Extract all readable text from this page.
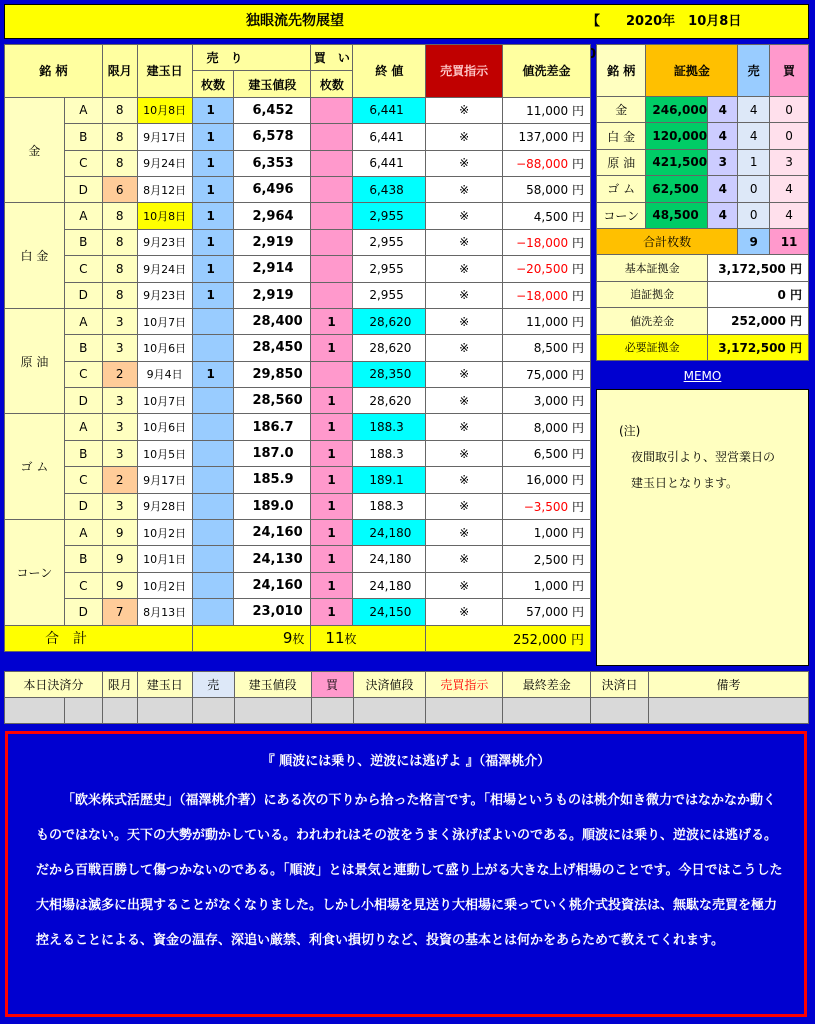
独眼流先物展望	【　　2020年　10月8日　　
銘 柄		限月	建玉日	売　り		買　い	終 値	売買指示	値洗差金
				枚数	建玉値段	枚数			
金	A	8	10月8日	1	6,452		6,441	※	11,000 円
	B	8	9月17日	1	6,578		6,441	※	137,000 円
	C	8	9月24日	1	6,353		6,441	※	−88,000 円
	D	6	8月12日	1	6,496		6,438	※	58,000 円
白 金	A	8	10月8日	1	2,964		2,955	※	4,500 円
	B	8	9月23日	1	2,919		2,955	※	−18,000 円
	C	8	9月24日	1	2,914		2,955	※	−20,500 円
	D	8	9月23日	1	2,919		2,955	※	−18,000 円
原 油	A	3	10月7日		28,400	1	28,620	※	11,000 円
	B	3	10月6日		28,450	1	28,620	※	8,500 円
	C	2	9月4日	1	29,850		28,350	※	75,000 円
	D	3	10月7日		28,560	1	28,620	※	3,000 円
ゴ ム	A	3	10月6日		186.7	1	188.3	※	8,000 円
	B	3	10月5日		187.0	1	188.3	※	6,500 円
	C	2	9月17日		185.9	1	189.1	※	16,000 円
	D	3	9月28日		189.0	1	188.3	※	−3,500 円
コーン	A	9	10月2日		24,160	1	24,180	※	1,000 円
	B	9	10月1日		24,130	1	24,180	※	2,500 円
	C	9	10月2日		24,160	1	24,180	※	1,000 円
	D	7	8月13日		23,010	1	24,150	※	57,000 円
合　計				9枚		11枚		252,000 円	
銘 柄	証拠金		売	買
金	246,000	4	4	0
白 金	120,000	4	4	0
原 油	421,500	3	1	3
ゴ ム	62,500	4	0	4
コーン	48,500	4	0	4
合計枚数			9	11
基本証拠金		3,172,500 円		
追証拠金		0 円		
値洗差金		252,000 円		
必要証拠金		3,172,500 円		
MEMO
(注)
夜間取引より、翌営業日の
建玉日となります。
本日決済分		限月	建玉日	売	建玉値段	買	決済値段	売買指示	最終差金	決済日	備考

『 順波には乗り、逆波には逃げよ 』（福澤桃介）
「欧米株式活歴史」（福澤桃介著）にある次の下りから拾った格言です。「相場というものは桃介如き微力ではなかなか動くものではない。天下の大勢が動かしている。われわれはその波をうまく泳げばよいのである。順波には乗り、逆波には逃げる。だから百戦百勝して傷つかないのである。「順波」とは景気と連動して盛り上がる大きな上げ相場のことです。今日ではこうした大相場は滅多に出現することがなくなりました。しかし小相場を見送り大相場に乗っていく桃介式投資法は、無駄な売買を極力控えることによる、資金の温存、深追い厳禁、利食い損切りなど、投資の基本とは何かをあらためて教えてくれます。
